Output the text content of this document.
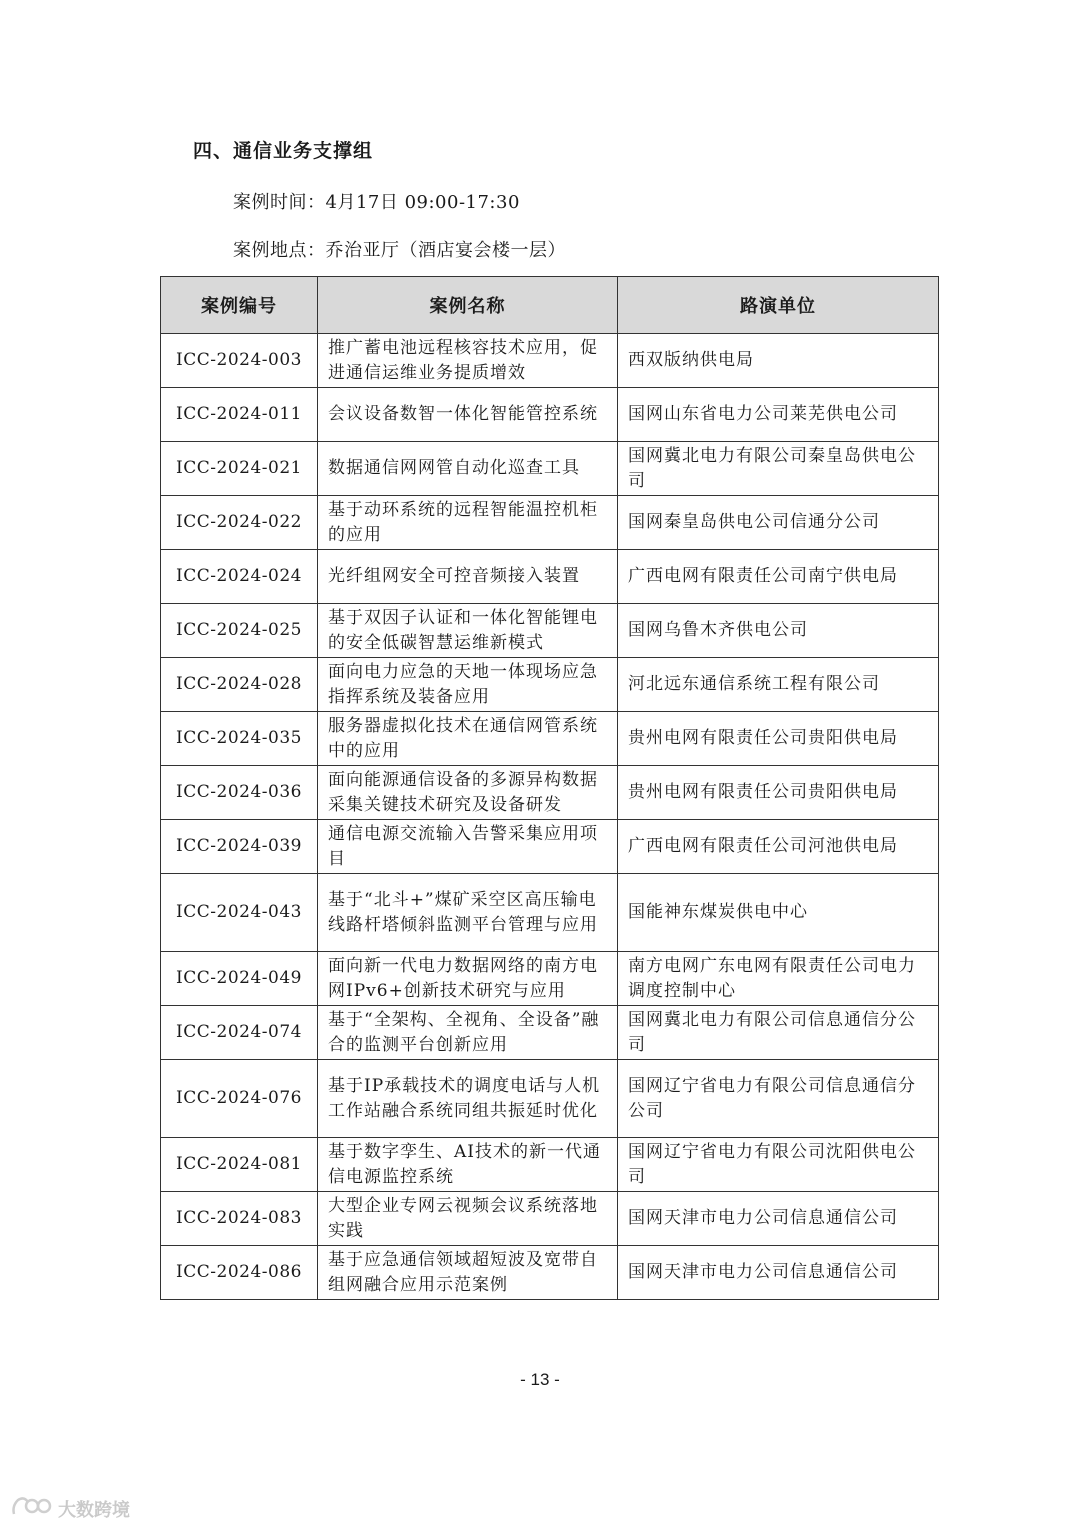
四、通信业务支撑组
案例时间：4月17日 09:00-17:30
案例地点：乔治亚厅（酒店宴会楼一层）
案例编号	案例名称	路演单位
ICC-2024-003	推广蓄电池远程核容技术应用，促进通信运维业务提质增效	西双版纳供电局
ICC-2024-011	会议设备数智一体化智能管控系统	国网山东省电力公司莱芜供电公司
ICC-2024-021	数据通信网网管自动化巡查工具	国网冀北电力有限公司秦皇岛供电公司
ICC-2024-022	基于动环系统的远程智能温控机柜的应用	国网秦皇岛供电公司信通分公司
ICC-2024-024	光纤组网安全可控音频接入装置	广西电网有限责任公司南宁供电局
ICC-2024-025	基于双因子认证和一体化智能锂电的安全低碳智慧运维新模式	国网乌鲁木齐供电公司
ICC-2024-028	面向电力应急的天地一体现场应急指挥系统及装备应用	河北远东通信系统工程有限公司
ICC-2024-035	服务器虚拟化技术在通信网管系统中的应用	贵州电网有限责任公司贵阳供电局
ICC-2024-036	面向能源通信设备的多源异构数据采集关键技术研究及设备研发	贵州电网有限责任公司贵阳供电局
ICC-2024-039	通信电源交流输入告警采集应用项目	广西电网有限责任公司河池供电局
ICC-2024-043	基于“北斗+”煤矿采空区高压输电线路杆塔倾斜监测平台管理与应用	国能神东煤炭供电中心
ICC-2024-049	面向新一代电力数据网络的南方电网IPv6+创新技术研究与应用	南方电网广东电网有限责任公司电力调度控制中心
ICC-2024-074	基于“全架构、全视角、全设备”融合的监测平台创新应用	国网冀北电力有限公司信息通信分公司
ICC-2024-076	基于IP承载技术的调度电话与人机工作站融合系统同组共振延时优化	国网辽宁省电力有限公司信息通信分公司
ICC-2024-081	基于数字孪生、AI技术的新一代通信电源监控系统	国网辽宁省电力有限公司沈阳供电公司
ICC-2024-083	大型企业专网云视频会议系统落地实践	国网天津市电力公司信息通信公司
ICC-2024-086	基于应急通信领域超短波及宽带自组网融合应用示范案例	国网天津市电力公司信息通信公司
- 13 -
大数跨境
